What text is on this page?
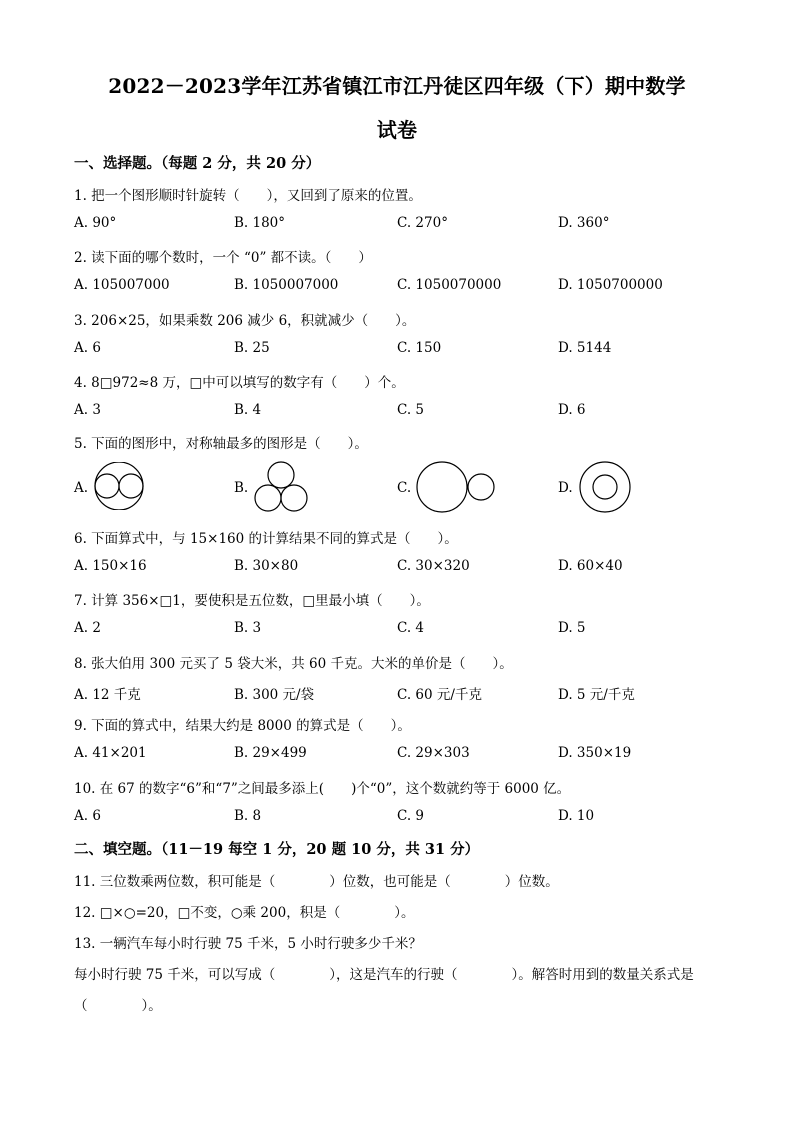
2022－2023学年江苏省镇江市江丹徒区四年级（下）期中数学
试卷
一、选择题。（每题 2 分，共 20 分）
1. 把一个图形顺时针旋转（　　），又回到了原来的位置。
A. 90°	B. 180°	C. 270°	D. 360°
2. 读下面的哪个数时，一个 “0” 都不读。（　　）
A. 105007000	B. 1050007000	C. 1050070000	D. 1050700000
3. 206×25，如果乘数 206 减少 6，积就减少（　　）。
A. 6	B. 25	C. 150	D. 5144
4. 8□972≈8 万，□中可以填写的数字有（　　）个。
A. 3	B. 4	C. 5	D. 6
5. 下面的图形中，对称轴最多的图形是（　　）。
A.	B.	C.	D.
6. 下面算式中，与 15×160 的计算结果不同的算式是（　　）。
A. 150×16	B. 30×80	C. 30×320	D. 60×40
7. 计算 356×□1，要使积是五位数，□里最小填（　　）。
A. 2	B. 3	C. 4	D. 5
8. 张大伯用 300 元买了 5 袋大米，共 60 千克。大米的单价是（　　）。
A. 12 千克	B. 300 元/袋	C. 60 元/千克	D. 5 元/千克
9. 下面的算式中，结果大约是 8000 的算式是（　　）。
A. 41×201	B. 29×499	C. 29×303	D. 350×19
10. 在 67 的数字“6”和“7”之间最多添上(　　)个“0”，这个数就约等于 6000 亿。
A. 6	B. 8	C. 9	D. 10
二、填空题。（11－19 每空 1 分，20 题 10 分，共 31 分）
11. 三位数乘两位数，积可能是（　　　　）位数，也可能是（　　　　）位数。
12. □×○=20，□不变，○乘 200，积是（　　　　）。
13. 一辆汽车每小时行驶 75 千米，5 小时行驶多少千米？
每小时行驶 75 千米，可以写成（　　　　），这是汽车的行驶（　　　　）。解答时用到的数量关系式是
（　　　　）。
